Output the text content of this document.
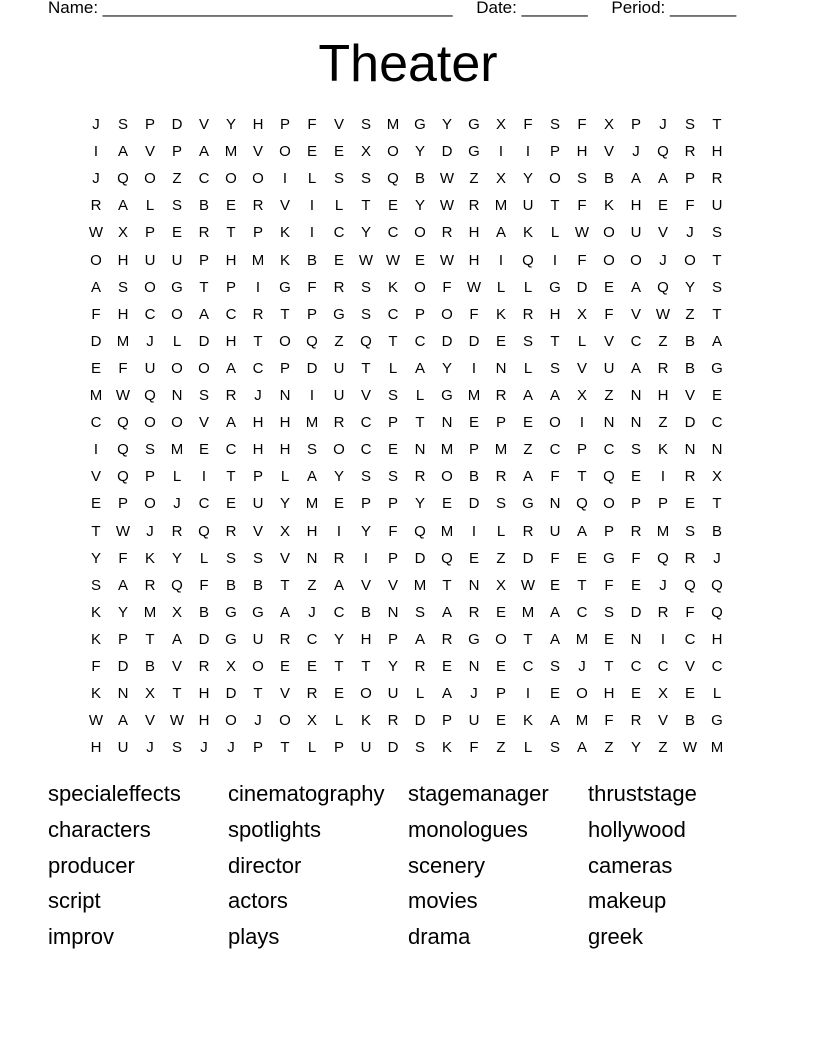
Name: _____________________________________     Date: _______     Period: _______
Theater
J	S	P	D	V	Y	H	P	F	V	S	M G	Y	G	X	F	S	F	X	P	J	S	T
I	A	V	P	A	M	V	O	E	E	X	O	Y	D	G	I	I	P	H	V	J	Q	R	H
J	Q	O	Z	C	O	O	I	L	S	S	Q	B W	Z	X	Y	O	S	B	A	A	P	R
R	A	L	S	B	E	R	V	I	L	T	E	Y W R	M	U	T	F	K	H	E	F	U
W X	P	E	R	T	P	K	I	C	Y	C	O	R	H	A	K	L	W O	U	V	J	S
O	H	U	U	P	H	M	K	B	E W W E W H	I	Q	I	F	O	O	J	O	T
A	S	O	G	T	P	I	G	F	R	S	K	O	F	W	L	L	G	D	E	A	Q	Y	S
F	H	C	O	A	C	R	T	P	G	S	C	P	O	F	K	R	H	X	F	V W	Z	T
D	M	J	L	D	H	T	O	Q	Z	Q	T	C	D	D	E	S	T	L	V	C	Z	B	A
E	F	U	O	O	A	C	P	D	U	T	L	A	Y	I	N	L	S	V	U	A	R	B	G
M W Q	N	S	R	J	N	I	U	V	S	L	G M	R	A	A	X	Z	N	H	V	E
C	Q	O	O	V	A	H	H	M	R	C	P	T	N	E	P	E	O	I	N	N	Z	D	C
I	Q	S	M	E	C	H	H	S	O	C	E	N	M	P	M	Z	C	P	C	S	K	N	N
V	Q	P	L	I	T	P	L	A	Y	S	S	R	O	B	R	A	F	T	Q	E	I	R	X
E	P	O	J	C	E	U	Y	M	E	P	P	Y	E	D	S	G	N	Q	O	P	P	E	T
T	W	J	R	Q	R	V	X	H	I	Y	F	Q M	I	L	R	U	A	P	R	M	S	B
Y	F	K	Y	L	S	S	V	N	R	I	P	D	Q	E	Z	D	F	E	G	F	Q	R	J
S	A	R	Q	F	B	B	T	Z	A	V	V	M	T	N	X W E	T	F	E	J	Q	Q
K	Y	M	X	B	G	G	A	J	C	B	N	S	A	R	E	M	A	C	S	D	R	F	Q
K	P	T	A	D	G	U	R	C	Y	H	P	A	R	G	O	T	A	M	E	N	I	C	H
F	D	B	V	R	X	O	E	E	T	T	Y	R	E	N	E	C	S	J	T	C	C	V	C
K	N	X	T	H	D	T	V	R	E	O	U	L	A	J	P	I	E	O	H	E	X	E	L
W A	V W H	O	J	O	X	L	K	R	D	P	U	E	K	A	M	F	R	V	B	G
H	U	J	S	J	J	P	T	L	P	U	D	S	K	F	Z	L	S	A	Z	Y	Z	W M
specialeffects cinematography stagemanager thruststage
characters	spotlights	monologues	hollywood
producer	director	scenery	cameras
script	actors	movies	makeup
improv	plays	drama	greek
